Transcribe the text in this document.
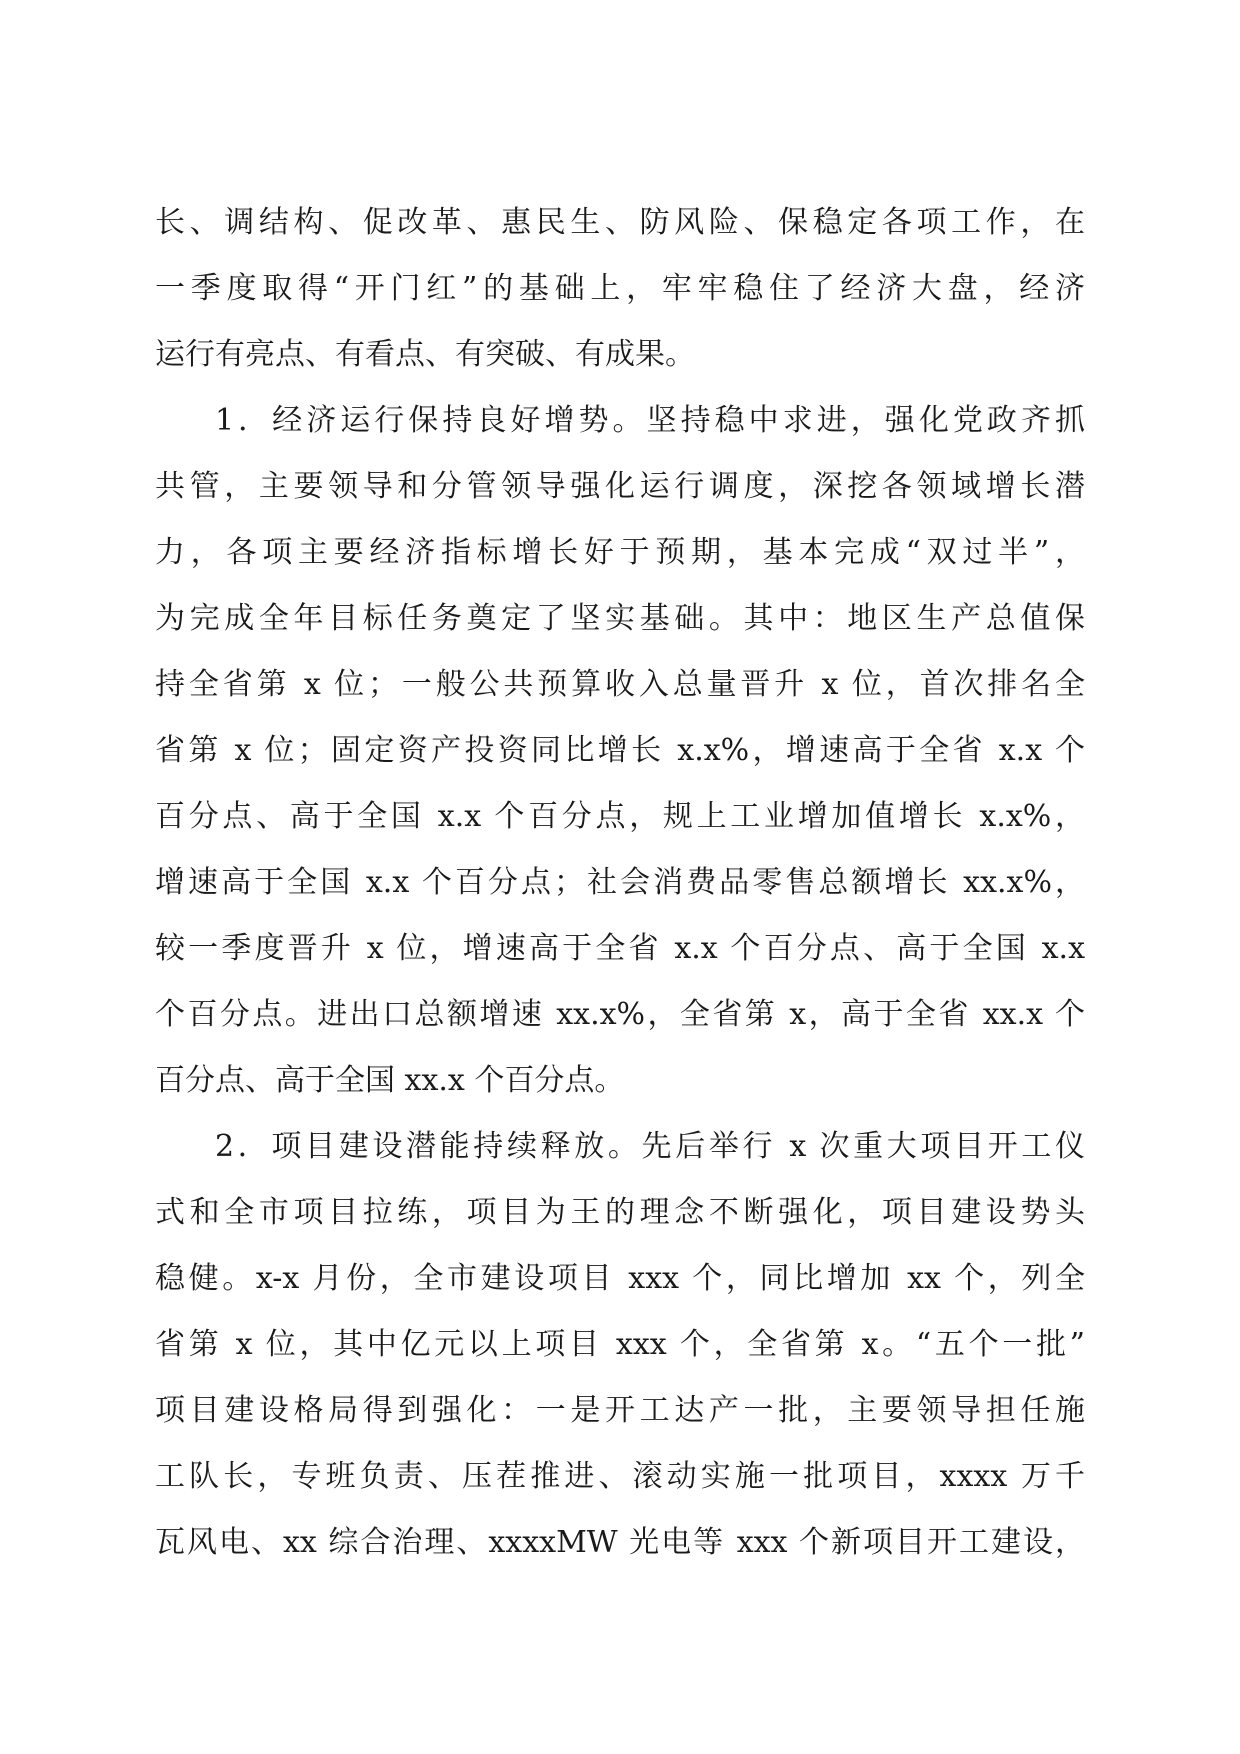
长、调结构、促改革、惠民生、防风险、保稳定各项工作，在

一季度取得“开门红”的基础上，牢牢稳住了经济大盘，经济

运行有亮点、有看点、有突破、有成果。

1．经济运行保持良好增势。坚持稳中求进，强化党政齐抓

共管，主要领导和分管领导强化运行调度，深挖各领域增长潜

力，各项主要经济指标增长好于预期，基本完成“双过半”，

为完成全年目标任务奠定了坚实基础。其中：地区生产总值保

持全省第 x 位；一般公共预算收入总量晋升 x 位，首次排名全

省第 x 位；固定资产投资同比增长 x.x%，增速高于全省 x.x 个

百分点、高于全国 x.x 个百分点，规上工业增加值增长 x.x%，

增速高于全国 x.x 个百分点；社会消费品零售总额增长 xx.x%，

较一季度晋升 x 位，增速高于全省 x.x 个百分点、高于全国 x.x

个百分点。进出口总额增速 xx.x%，全省第 x，高于全省 xx.x 个

百分点、高于全国 xx.x 个百分点。

2．项目建设潜能持续释放。先后举行 x 次重大项目开工仪

式和全市项目拉练，项目为王的理念不断强化，项目建设势头

稳健。x-x 月份，全市建设项目 xxx 个，同比增加 xx 个，列全

省第 x 位，其中亿元以上项目 xxx 个，全省第 x。“五个一批”

项目建设格局得到强化：一是开工达产一批，主要领导担任施

工队长，专班负责、压茬推进、滚动实施一批项目，xxxx 万千

瓦风电、xx 综合治理、xxxxMW 光电等 xxx 个新项目开工建设，
